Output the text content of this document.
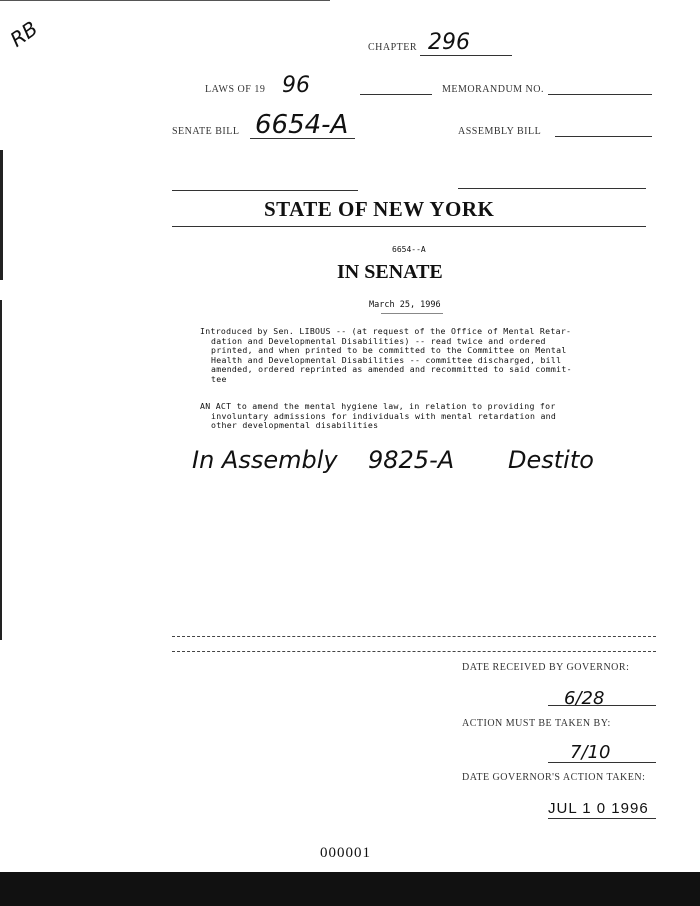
RB	CHAPTER 296
LAWS OF 19 96	MEMORANDUM NO.
SENATE BILL 6654-A	ASSEMBLY BILL
STATE OF NEW YORK
6654--A
IN SENATE
March 25, 1996
Introduced by Sen. LIBOUS -- (at request of the Office of Mental Retar-
dation and Developmental Disabilities) -- read twice and ordered
printed, and when printed to be committed to the Committee on Mental
Health and Developmental Disabilities -- committee discharged, bill
amended, ordered reprinted as amended and recommitted to said commit-
tee
AN ACT to amend the mental hygiene law, in relation to providing for
involuntary admissions for individuals with mental retardation and
other developmental disabilities
In Assembly 9825-A Destito
DATE RECEIVED BY GOVERNOR:
6/28
ACTION MUST BE TAKEN BY:
7/10
DATE GOVERNOR'S ACTION TAKEN:
JUL 1 0 1996
000001
